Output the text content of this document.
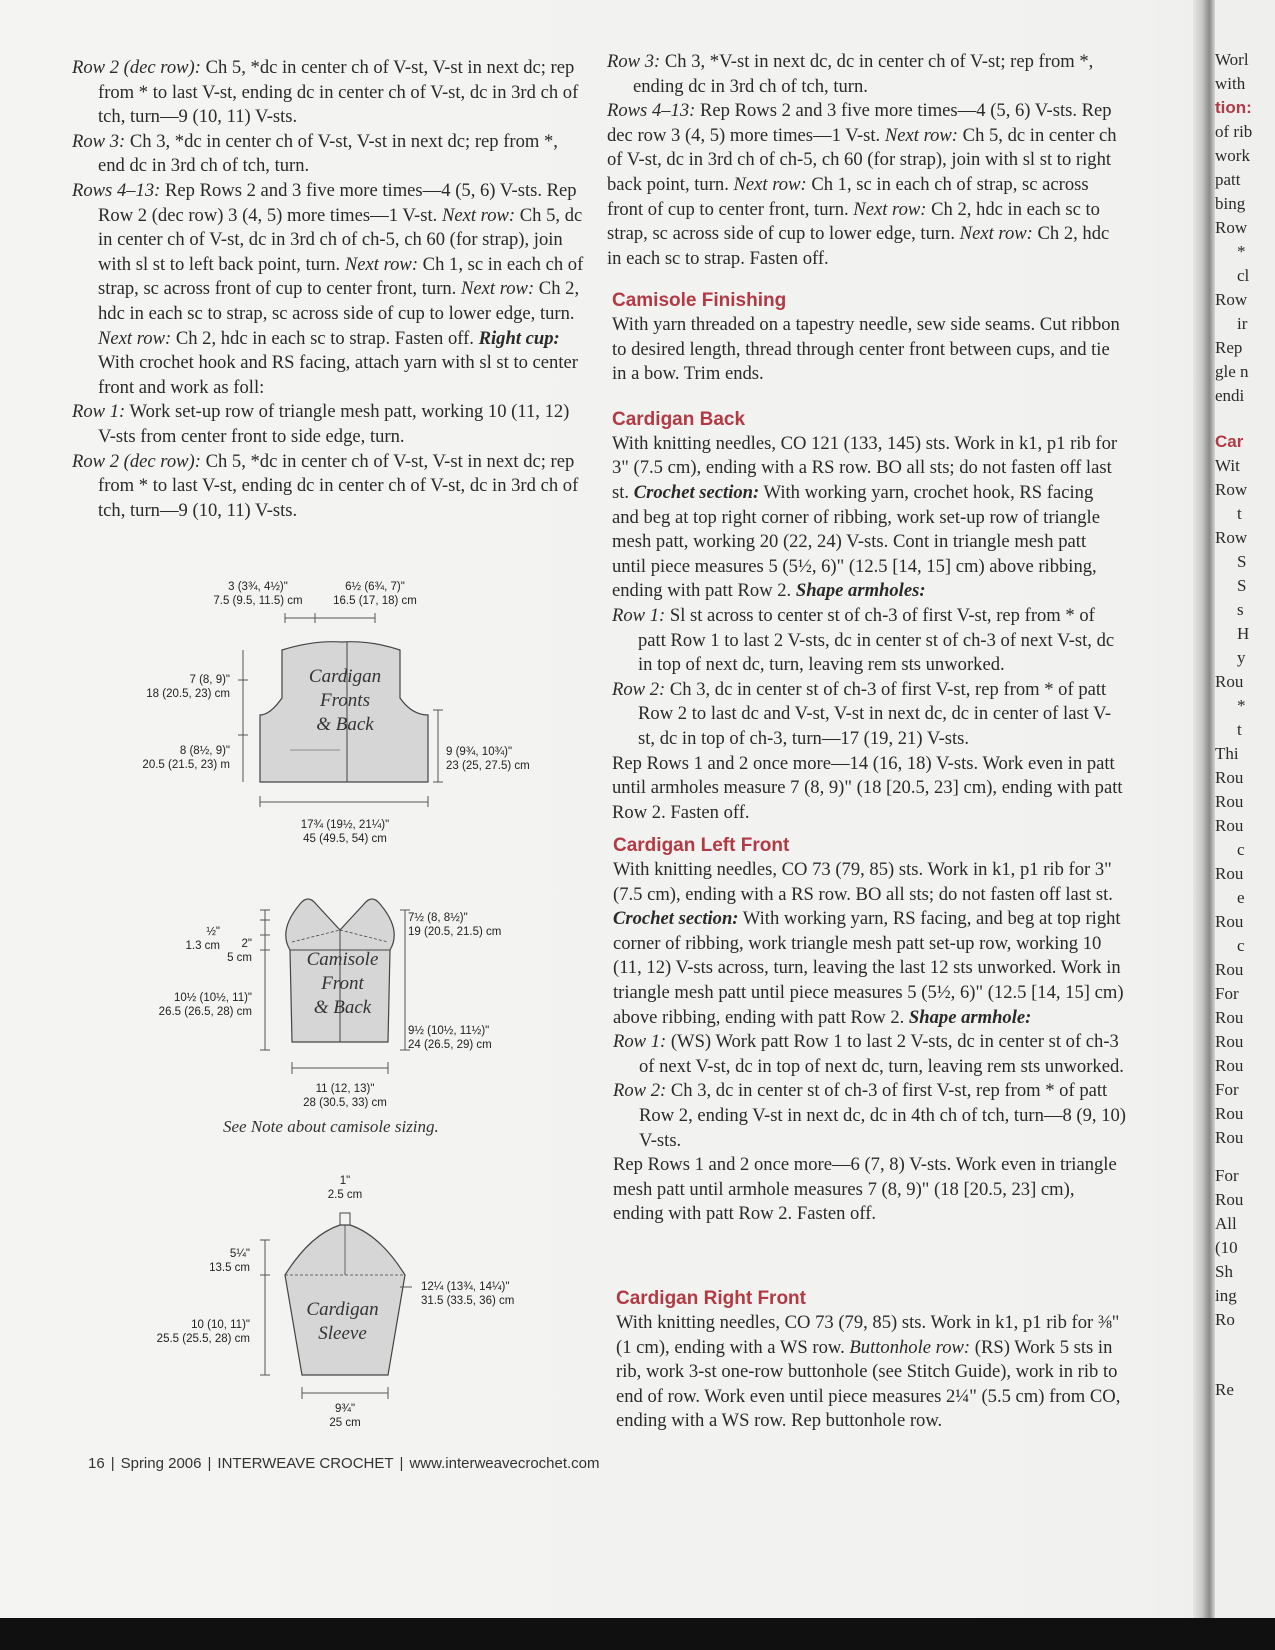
Row 2 (dec row): Ch 5, *dc in center ch of V-st, V-st in next dc; rep from * to last V-st, ending dc in center ch of V-st, dc in 3rd ch of tch, turn—9 (10, 11) V-sts.

Row 3: Ch 3, *dc in center ch of V-st, V-st in next dc; rep from *, end dc in 3rd ch of tch, turn.

Rows 4–13: Rep Rows 2 and 3 five more times—4 (5, 6) V-sts. Rep Row 2 (dec row) 3 (4, 5) more times—1 V-st. Next row: Ch 5, dc in center ch of V-st, dc in 3rd ch of ch-5, ch 60 (for strap), join with sl st to left back point, turn. Next row: Ch 1, sc in each ch of strap, sc across front of cup to center front, turn. Next row: Ch 2, hdc in each sc to strap, sc across side of cup to lower edge, turn. Next row: Ch 2, hdc in each sc to strap. Fasten off. Right cup: With crochet hook and RS facing, attach yarn with sl st to center front and work as foll:

Row 1: Work set-up row of triangle mesh patt, working 10 (11, 12) V-sts from center front to side edge, turn.

Row 2 (dec row): Ch 5, *dc in center ch of V-st, V-st in next dc; rep from * to last V-st, ending dc in center ch of V-st, dc in 3rd ch of tch, turn—9 (10, 11) V-sts.

Row 3: Ch 3, *V-st in next dc, dc in center ch of V-st; rep from *, ending dc in 3rd ch of tch, turn.

Rows 4–13: Rep Rows 2 and 3 five more times—4 (5, 6) V-sts. Rep dec row 3 (4, 5) more times—1 V-st. Next row: Ch 5, dc in center ch of V-st, dc in 3rd ch of ch-5, ch 60 (for strap), join with sl st to right back point, turn. Next row: Ch 1, sc in each ch of strap, sc across front of cup to center front, turn. Next row: Ch 2, hdc in each sc to strap, sc across side of cup to lower edge, turn. Next row: Ch 2, hdc in each sc to strap. Fasten off.

Camisole Finishing

With yarn threaded on a tapestry needle, sew side seams. Cut ribbon to desired length, thread through center front between cups, and tie in a bow. Trim ends.

Cardigan Back

With knitting needles, CO 121 (133, 145) sts. Work in k1, p1 rib for 3" (7.5 cm), ending with a RS row. BO all sts; do not fasten off last st. Crochet section: With working yarn, crochet hook, RS facing and beg at top right corner of ribbing, work set-up row of triangle mesh patt, working 20 (22, 24) V-sts. Cont in triangle mesh patt until piece measures 5 (5½, 6)" (12.5 [14, 15] cm) above ribbing, ending with patt Row 2. Shape armholes:

Row 1: Sl st across to center st of ch-3 of first V-st, rep from * of patt Row 1 to last 2 V-sts, dc in center st of ch-3 of next V-st, dc in top of next dc, turn, leaving rem sts unworked.

Row 2: Ch 3, dc in center st of ch-3 of first V-st, rep from * of patt Row 2 to last dc and V-st, V-st in next dc, dc in center of last V-st, dc in top of ch-3, turn—17 (19, 21) V-sts.

Rep Rows 1 and 2 once more—14 (16, 18) V-sts. Work even in patt until armholes measure 7 (8, 9)" (18 [20.5, 23] cm), ending with patt Row 2. Fasten off.

Cardigan Left Front

With knitting needles, CO 73 (79, 85) sts. Work in k1, p1 rib for 3" (7.5 cm), ending with a RS row. BO all sts; do not fasten off last st. Crochet section: With working yarn, RS facing, and beg at top right corner of ribbing, work triangle mesh patt set-up row, working 10 (11, 12) V-sts across, turn, leaving the last 12 sts unworked. Work in triangle mesh patt until piece measures 5 (5½, 6)" (12.5 [14, 15] cm) above ribbing, ending with patt Row 2. Shape armhole:

Row 1: (WS) Work patt Row 1 to last 2 V-sts, dc in center st of ch-3 of next V-st, dc in top of next dc, turn, leaving rem sts unworked.

Row 2: Ch 3, dc in center st of ch-3 of first V-st, rep from * of patt Row 2, ending V-st in next dc, dc in 4th ch of tch, turn—8 (9, 10) V-sts.

Rep Rows 1 and 2 once more—6 (7, 8) V-sts. Work even in triangle mesh patt until armhole measures 7 (8, 9)" (18 [20.5, 23] cm), ending with patt Row 2. Fasten off.

Cardigan Right Front

With knitting needles, CO 73 (79, 85) sts. Work in k1, p1 rib for ⅜" (1 cm), ending with a WS row. Buttonhole row: (RS) Work 5 sts in rib, work 3-st one-row buttonhole (see Stitch Guide), work in rib to end of row. Work even until piece measures 2¼" (5.5 cm) from CO, ending with a WS row. Rep buttonhole row.

3 (3¾, 4½)"
7.5 (9.5, 11.5) cm
6½ (6¾, 7)"
16.5 (17, 18) cm
7 (8, 9)"
18 (20.5, 23) cm
8 (8½, 9)"
20.5 (21.5, 23) m
9 (9¾, 10¾)"
23 (25, 27.5) cm
17¾ (19½, 21¼)"
45 (49.5, 54) cm
Cardigan
Fronts
& Back
½"
1.3 cm	2"
5 cm
10½ (10½, 11)"
26.5 (26.5, 28) cm
7½ (8, 8½)"
19 (20.5, 21.5) cm
9½ (10½, 11½)"
24 (26.5, 29) cm
11 (12, 13)"
28 (30.5, 33) cm
Camisole
Front
& Back
See Note about camisole sizing.
1"
2.5 cm
5¼"
13.5 cm
10 (10, 11)"
25.5 (25.5, 28) cm
12¼ (13¾, 14¼)"
31.5 (33.5, 36) cm
9¾"
25 cm
Cardigan
Sleeve
16 | Spring 2006 | INTERWEAVE CROCHET | www.interweavecrochet.com
Worl
with
tion:
of rib
work
patt
bing
Row
*
cl
Row
ir
Rep
gle n
endi
Car
Wit
Row
t
Row
S
S
s
H
y
Rou
*
t
Thi
Rou
Rou
Rou
c
Rou
e
Rou
c
Rou
For
Rou
Rou
Rou
For
Rou
Rou
For
Rou
All
(10
Sh
ing
Ro
Re
